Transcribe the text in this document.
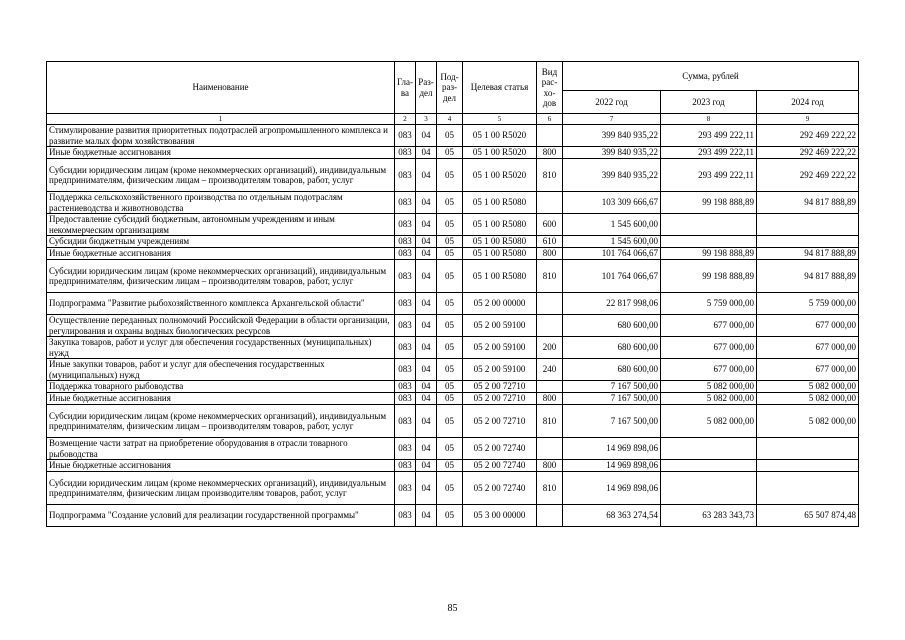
Наименование	Гла-ва	Раз-дел	Под-раз-дел	Целевая статья	Вид рас-хо-дов	Сумма, рублей		
						2022 год	2023 год	2024 год
1	2	3	4	5	6	7	8	9
Стимулирование развития приоритетных подотраслей агропромышленного комплекса и развитие малых форм хозяйствования	083	04	05	05 1 00 R5020		399 840 935,22	293 499 222,11	292 469 222,22
Иные бюджетные ассигнования	083	04	05	05 1 00 R5020	800	399 840 935,22	293 499 222,11	292 469 222,22
Субсидии юридическим лицам (кроме некоммерческих организаций), индивидуальным предпринимателям, физическим лицам – производителям товаров, работ, услуг	083	04	05	05 1 00 R5020	810	399 840 935,22	293 499 222,11	292 469 222,22
Поддержка сельскохозяйственного производства по отдельным подотраслям растениеводства и животноводства	083	04	05	05 1 00 R5080		103 309 666,67	99 198 888,89	94 817 888,89
Предоставление субсидий бюджетным, автономным учреждениям и иным некоммерческим организациям	083	04	05	05 1 00 R5080	600	1 545 600,00		
Субсидии бюджетным учреждениям	083	04	05	05 1 00 R5080	610	1 545 600,00		
Иные бюджетные ассигнования	083	04	05	05 1 00 R5080	800	101 764 066,67	99 198 888,89	94 817 888,89
Субсидии юридическим лицам (кроме некоммерческих организаций), индивидуальным предпринимателям, физическим лицам – производителям товаров, работ, услуг	083	04	05	05 1 00 R5080	810	101 764 066,67	99 198 888,89	94 817 888,89
Подпрограмма "Развитие рыбохозяйственного комплекса Архангельской области"	083	04	05	05 2 00 00000		22 817 998,06	5 759 000,00	5 759 000,00
Осуществление переданных полномочий Российской Федерации в области организации, регулирования и охраны водных биологических ресурсов	083	04	05	05 2 00 59100		680 600,00	677 000,00	677 000,00
Закупка товаров, работ и услуг для обеспечения государственных (муниципальных) нужд	083	04	05	05 2 00 59100	200	680 600,00	677 000,00	677 000,00
Иные закупки товаров, работ и услуг для обеспечения государственных (муниципальных) нужд	083	04	05	05 2 00 59100	240	680 600,00	677 000,00	677 000,00
Поддержка товарного рыбоводства	083	04	05	05 2 00 72710		7 167 500,00	5 082 000,00	5 082 000,00
Иные бюджетные ассигнования	083	04	05	05 2 00 72710	800	7 167 500,00	5 082 000,00	5 082 000,00
Субсидии юридическим лицам (кроме некоммерческих организаций), индивидуальным предпринимателям, физическим лицам – производителям товаров, работ, услуг	083	04	05	05 2 00 72710	810	7 167 500,00	5 082 000,00	5 082 000,00
Возмещение части затрат на приобретение оборудования в отрасли товарного рыбоводства	083	04	05	05 2 00 72740		14 969 898,06		
Иные бюджетные ассигнования	083	04	05	05 2 00 72740	800	14 969 898,06		
Субсидии юридическим лицам (кроме некоммерческих организаций), индивидуальным предпринимателям, физическим лицам производителям товаров, работ, услуг	083	04	05	05 2 00 72740	810	14 969 898,06		
Подпрограмма "Создание условий для реализации государственной программы"	083	04	05	05 3 00 00000		68 363 274,54	63 283 343,73	65 507 874,48
85
